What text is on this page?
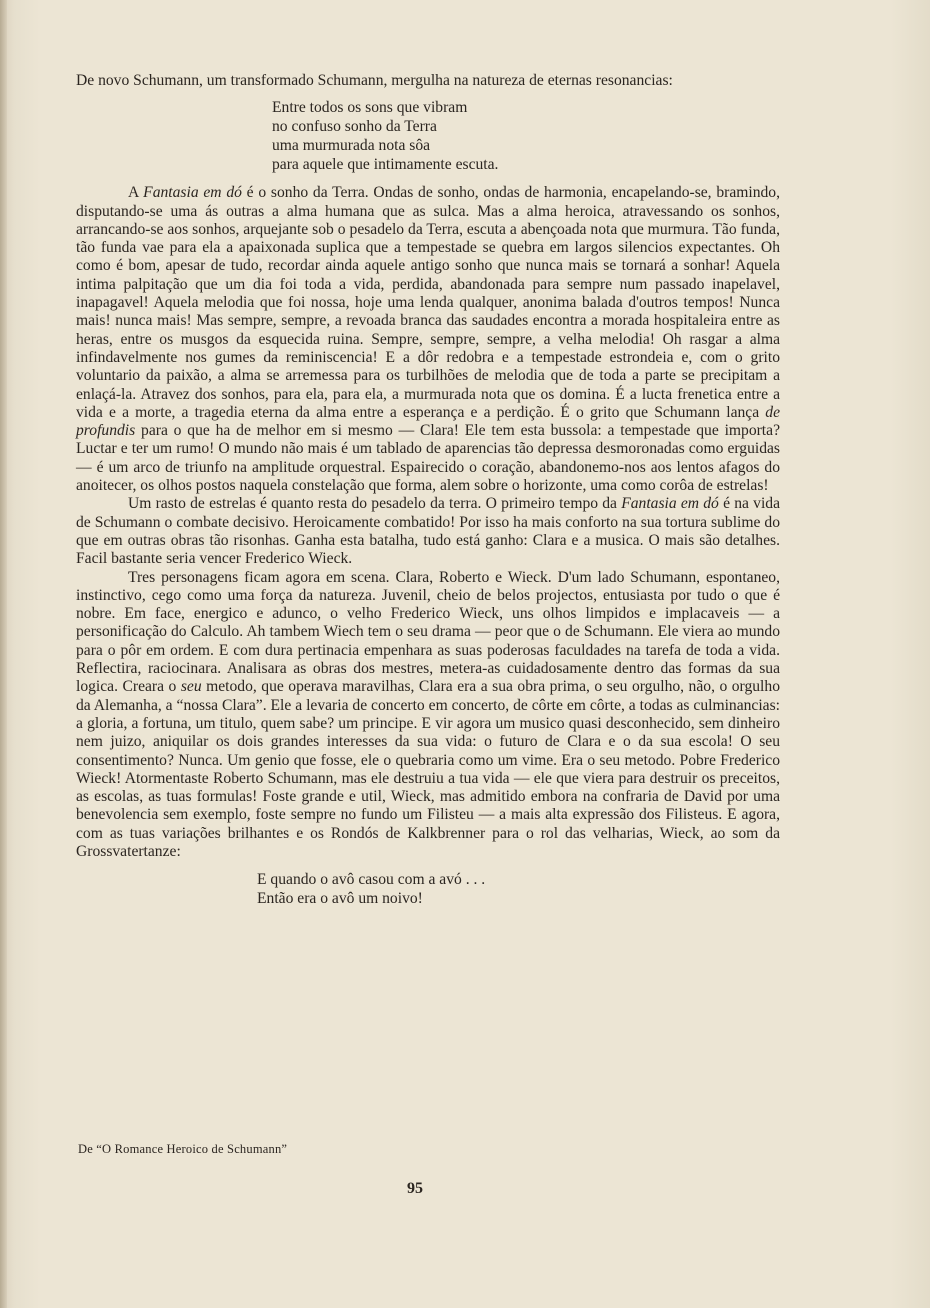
De novo Schumann, um transformado Schumann, mergulha na natureza de eternas resonancias:

Entre todos os sons que vibram
no confuso sonho da Terra
uma murmurada nota sôa
para aquele que intimamente escuta.

A Fantasia em dó é o sonho da Terra. Ondas de sonho, ondas de harmonia, encapelando-se, bramindo, disputando-se uma ás outras a alma humana que as sulca. Mas a alma heroica, atravessando os sonhos, arrancando-se aos sonhos, arquejante sob o pesadelo da Terra, escuta a abençoada nota que murmura. Tão funda, tão funda vae para ela a apaixonada suplica que a tempestade se quebra em largos silencios expectantes. Oh como é bom, apesar de tudo, recordar ainda aquele antigo sonho que nunca mais se tornará a sonhar! Aquela intima palpitação que um dia foi toda a vida, perdida, abandonada para sempre num passado inapelavel, inapagavel! Aquela melodia que foi nossa, hoje uma lenda qualquer, anonima balada d'outros tempos! Nunca mais! nunca mais! Mas sempre, sempre, a revoada branca das saudades encontra a morada hospitaleira entre as heras, entre os musgos da esquecida ruina. Sempre, sempre, sempre, a velha melodia! Oh rasgar a alma infindavelmente nos gumes da reminiscencia! E a dôr redobra e a tempestade estrondeia e, com o grito voluntario da paixão, a alma se arremessa para os turbilhões de melodia que de toda a parte se precipitam a enlaçá-la. Atravez dos sonhos, para ela, para ela, a murmurada nota que os domina. É a lucta frenetica entre a vida e a morte, a tragedia eterna da alma entre a esperança e a perdição. É o grito que Schumann lança de profundis para o que ha de melhor em si mesmo — Clara! Ele tem esta bussola: a tempestade que importa? Luctar e ter um rumo! O mundo não mais é um tablado de aparencias tão depressa desmoronadas como erguidas — é um arco de triunfo na amplitude orquestral. Espairecido o coração, abandonemo-nos aos lentos afagos do anoitecer, os olhos postos naquela constelação que forma, alem sobre o horizonte, uma como corôa de estrelas!

Um rasto de estrelas é quanto resta do pesadelo da terra. O primeiro tempo da Fantasia em dó é na vida de Schumann o combate decisivo. Heroicamente combatido! Por isso ha mais conforto na sua tortura sublime do que em outras obras tão risonhas. Ganha esta batalha, tudo está ganho: Clara e a musica. O mais são detalhes. Facil bastante seria vencer Frederico Wieck.

Tres personagens ficam agora em scena. Clara, Roberto e Wieck. D'um lado Schumann, espontaneo, instinctivo, cego como uma força da natureza. Juvenil, cheio de belos projectos, entusiasta por tudo o que é nobre. Em face, energico e adunco, o velho Frederico Wieck, uns olhos limpidos e implacaveis — a personificação do Calculo. Ah tambem Wiech tem o seu drama — peor que o de Schumann. Ele viera ao mundo para o pôr em ordem. E com dura pertinacia empenhara as suas poderosas faculdades na tarefa de toda a vida. Reflectira, raciocinara. Analisara as obras dos mestres, metera-as cuidadosamente dentro das formas da sua logica. Creara o seu metodo, que operava maravilhas, Clara era a sua obra prima, o seu orgulho, não, o orgulho da Alemanha, a “nossa Clara”. Ele a levaria de concerto em concerto, de côrte em côrte, a todas as culminancias: a gloria, a fortuna, um titulo, quem sabe? um principe. E vir agora um musico quasi desconhecido, sem dinheiro nem juizo, aniquilar os dois grandes interesses da sua vida: o futuro de Clara e o da sua escola! O seu consentimento? Nunca. Um genio que fosse, ele o quebraria como um vime. Era o seu metodo. Pobre Frederico Wieck! Atormentaste Roberto Schumann, mas ele destruiu a tua vida — ele que viera para destruir os preceitos, as escolas, as tuas formulas! Foste grande e util, Wieck, mas admitido embora na confraria de David por uma benevolencia sem exemplo, foste sempre no fundo um Filisteu — a mais alta expressão dos Filisteus. E agora, com as tuas variações brilhantes e os Rondós de Kalkbrenner para o rol das velharias, Wieck, ao som da Grossvatertanze:

E quando o avô casou com a avó . . .
Então era o avô um noivo!
De “O Romance Heroico de Schumann”
95
